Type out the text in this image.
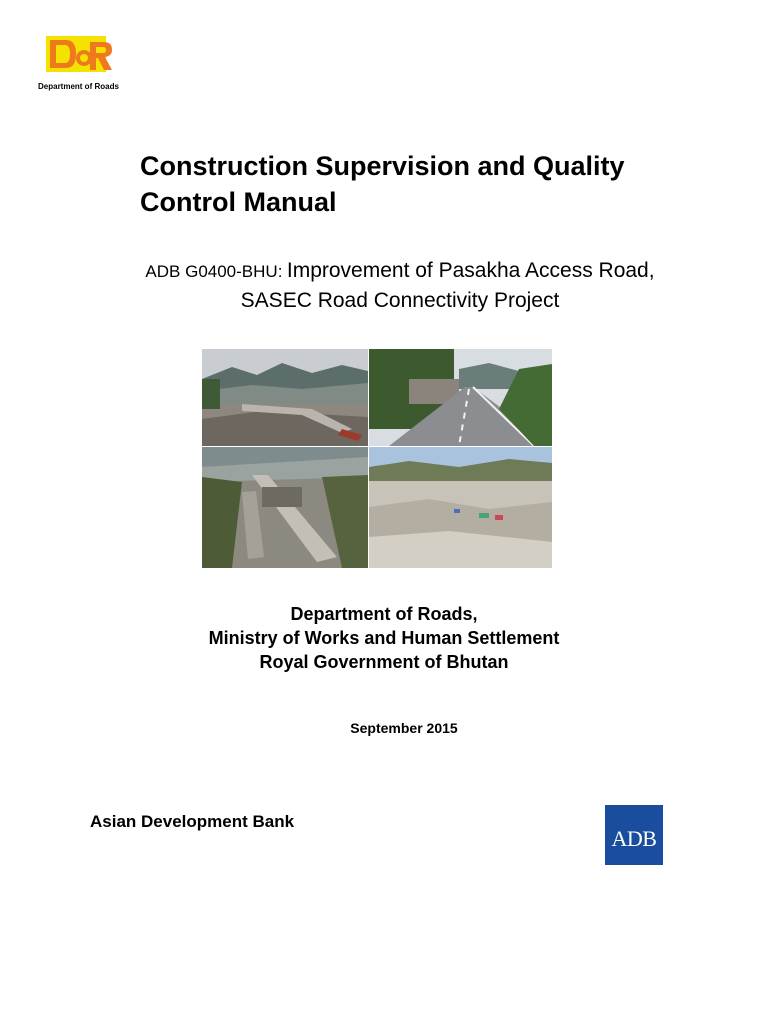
Department of Roads
Construction Supervision and Quality
Control Manual
ADB G0400-BHU: Improvement of Pasakha Access Road,
SASEC Road Connectivity Project
Department of Roads,
Ministry of Works and Human Settlement
Royal Government of Bhutan
September 2015
Asian Development Bank
ADB
